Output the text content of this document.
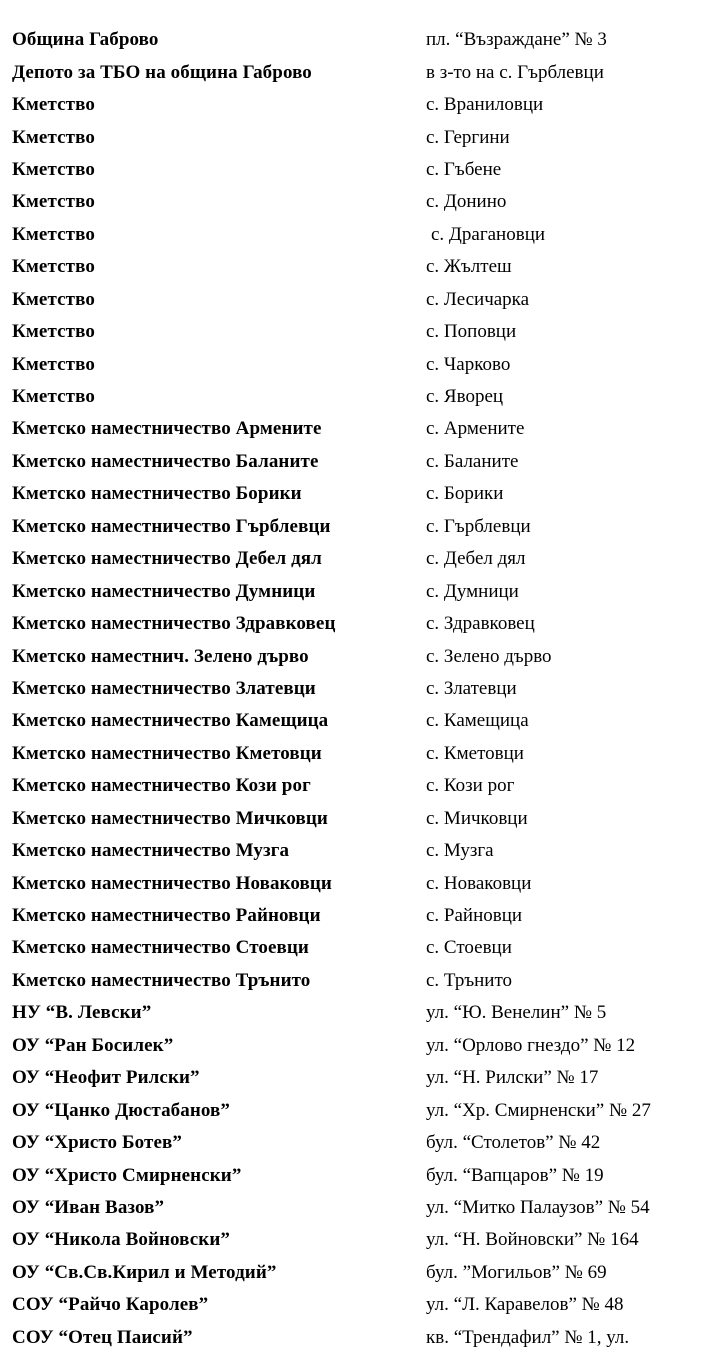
Община Габрово	пл. “Възраждане” № 3
Депото за ТБО на община Габрово	в з-то на с. Гърблевци
Кметство	с. Враниловци
Кметство	с. Гергини
Кметство	с. Гъбене
Кметство	с. Донино
Кметство	с. Драгановци
Кметство	с. Жълтеш
Кметство	с. Лесичарка
Кметство	с. Поповци
Кметство	с. Чарково
Кметство	с. Яворец
Кметско наместничество Армените	с. Армените
Кметско наместничество Баланите	с. Баланите
Кметско наместничество Борики	с. Борики
Кметско наместничество Гърблевци	с. Гърблевци
Кметско наместничество Дебел дял	с. Дебел дял
Кметско наместничество Думници	с. Думници
Кметско наместничество Здравковец	с. Здравковец
Кметско наместнич. Зелено дърво	с. Зелено дърво
Кметско наместничество Златевци	с. Златевци
Кметско наместничество Камещица	с. Камещица
Кметско наместничество Кметовци	с. Кметовци
Кметско наместничество Кози рог	с. Кози рог
Кметско наместничество Мичковци	с. Мичковци
Кметско наместничество Музга	с. Музга
Кметско наместничество Новаковци	с. Новаковци
Кметско наместничество Райновци	с. Райновци
Кметско наместничество Стоевци	с. Стоевци
Кметско наместничество Трънито	с. Трънито
НУ “В. Левски”	ул. “Ю. Венелин” № 5
ОУ “Ран Босилек”	ул. “Орлово гнездо” № 12
ОУ “Неофит Рилски”	ул. “Н. Рилски” № 17
ОУ “Цанко Дюстабанов”	ул. “Хр. Смирненски” № 27
ОУ “Христо Ботев”	бул. “Столетов” № 42
ОУ “Христо Смирненски”	бул. “Вапцаров” № 19
ОУ “Иван Вазов”	ул. “Митко Палаузов” № 54
ОУ “Никола Войновски”	ул. “Н. Войновски” № 164
ОУ “Св.Св.Кирил и Методий”	бул. ”Могильов” № 69
СОУ “Райчо Каролев”	ул. “Л. Каравелов” № 48
СОУ “Отец Паисий”	кв. “Трендафил” № 1, ул.
